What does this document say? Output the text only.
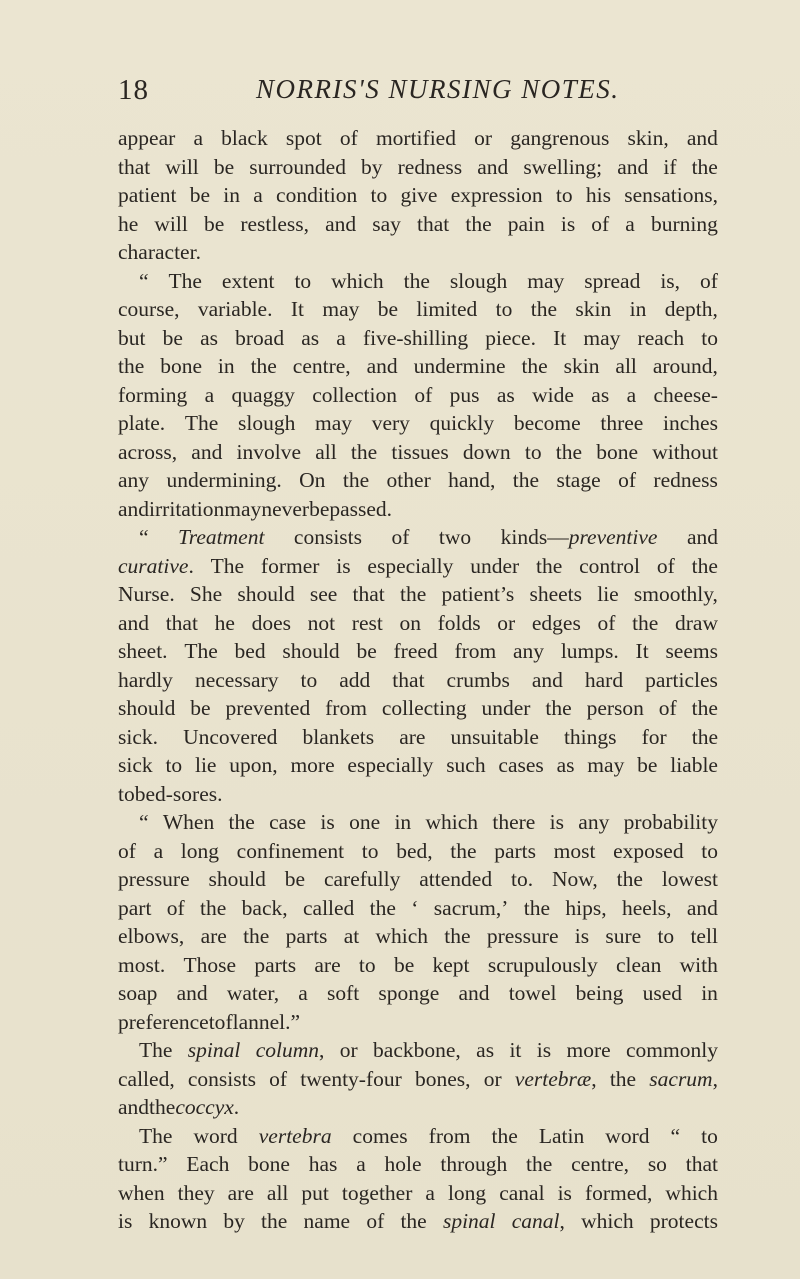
18	NORRIS'S NURSING NOTES.
appear a black spot of mortified or gangrenous skin, and
that will be surrounded by redness and swelling; and if the
patient be in a condition to give expression to his sensations,
he will be restless, and say that the pain is of a burning
character.
“ The extent to which the slough may spread is, of
course, variable. It may be limited to the skin in depth,
but be as broad as a five-shilling piece. It may reach to
the bone in the centre, and undermine the skin all around,
forming a quaggy collection of pus as wide as a cheese-
plate. The slough may very quickly become three inches
across, and involve all the tissues down to the bone without
any undermining. On the other hand, the stage of redness
and irritation may never be passed.
“ Treatment consists of two kinds—preventive and
curative. The former is especially under the control of the
Nurse. She should see that the patient’s sheets lie smoothly,
and that he does not rest on folds or edges of the draw
sheet. The bed should be freed from any lumps. It seems
hardly necessary to add that crumbs and hard particles
should be prevented from collecting under the person of the
sick. Uncovered blankets are unsuitable things for the
sick to lie upon, more especially such cases as may be liable
to bed-sores.
“ When the case is one in which there is any probability
of a long confinement to bed, the parts most exposed to
pressure should be carefully attended to. Now, the lowest
part of the back, called the ‘ sacrum,’ the hips, heels, and
elbows, are the parts at which the pressure is sure to tell
most. Those parts are to be kept scrupulously clean with
soap and water, a soft sponge and towel being used in
preference to flannel.”
The spinal column, or backbone, as it is more commonly
called, consists of twenty-four bones, or vertebræ, the sacrum,
and the coccyx.
The word vertebra comes from the Latin word “ to
turn.” Each bone has a hole through the centre, so that
when they are all put together a long canal is formed, which
is known by the name of the spinal canal, which protects
